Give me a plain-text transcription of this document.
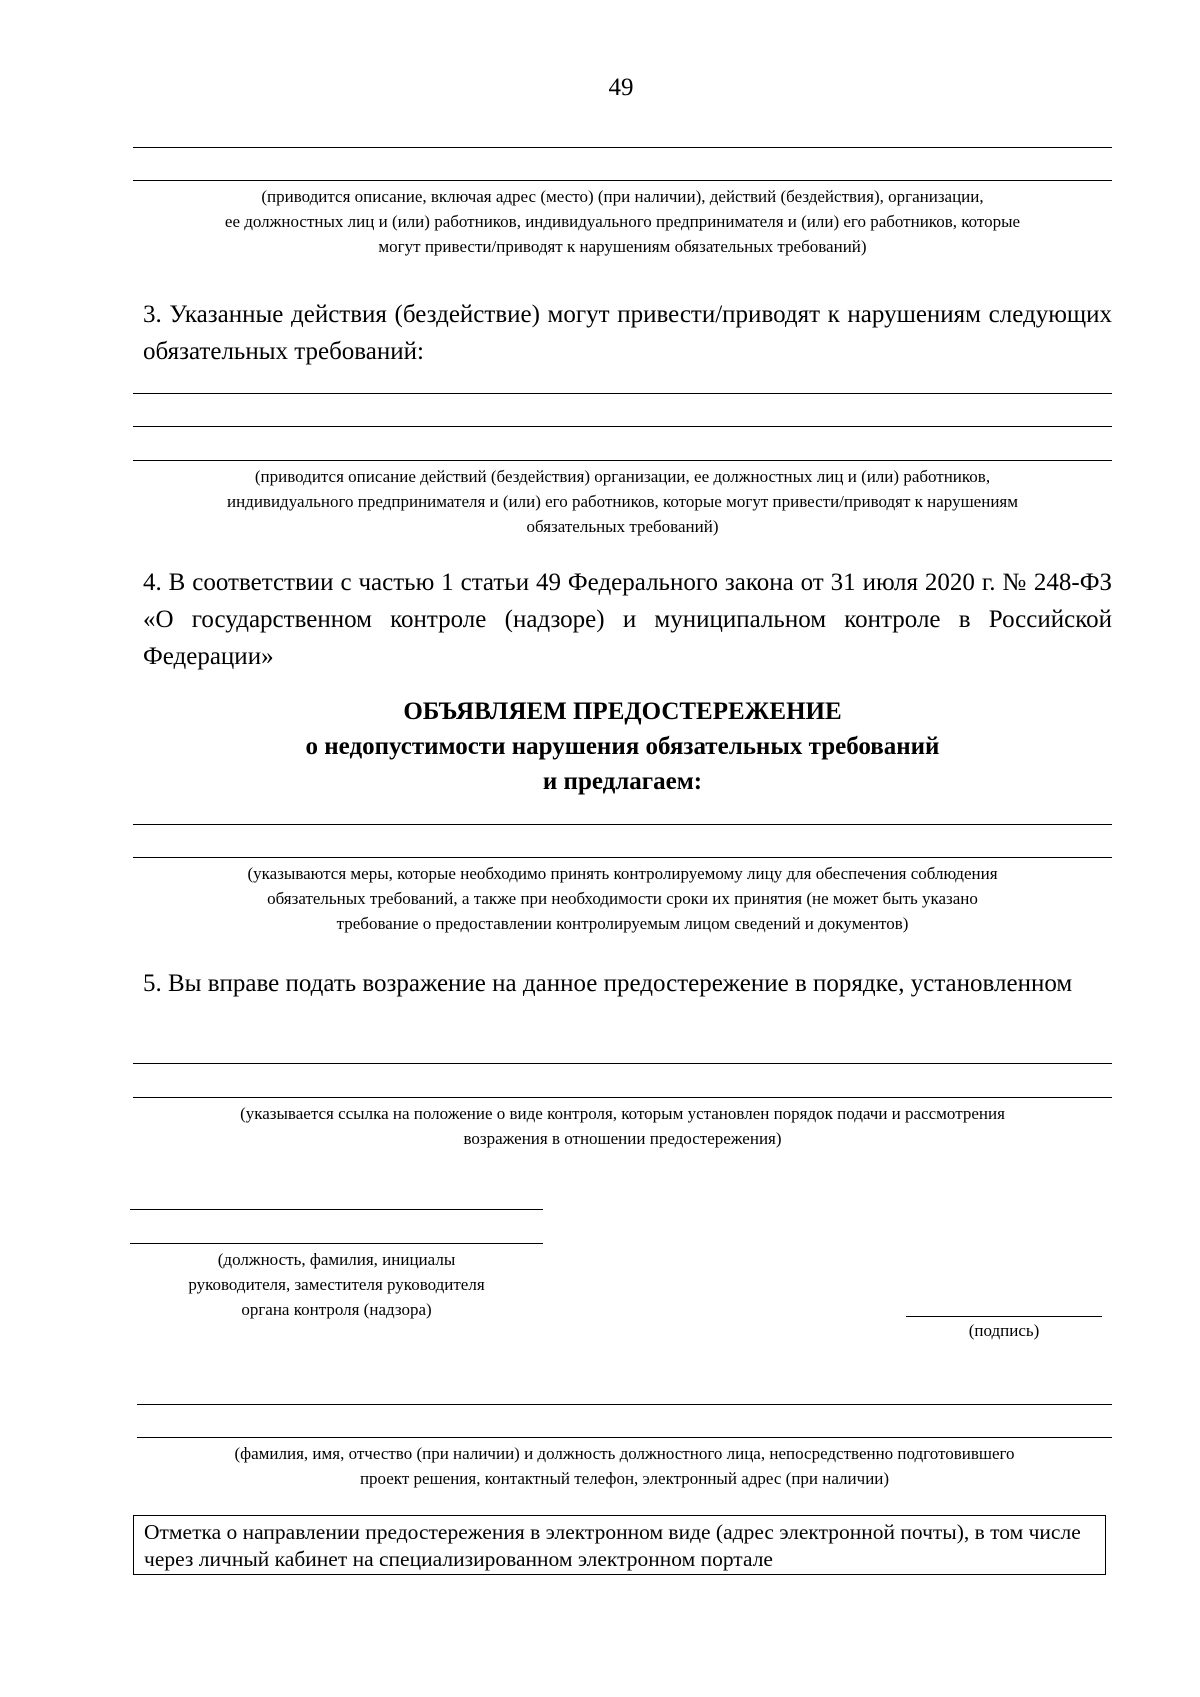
49
(приводится описание, включая адрес (место) (при наличии), действий (бездействия), организации,
ее должностных лиц и (или) работников, индивидуального предпринимателя и (или) его работников, которые
могут привести/приводят к нарушениям обязательных требований)
3. Указанные действия (бездействие) могут привести/приводят к нарушениям следующих обязательных требований:
(приводится описание действий (бездействия) организации, ее должностных лиц и (или) работников,
индивидуального предпринимателя и (или) его работников, которые могут привести/приводят к нарушениям
обязательных требований)
4. В соответствии с частью 1 статьи 49 Федерального закона от 31 июля 2020 г. № 248-ФЗ «О государственном контроле (надзоре) и муниципальном контроле в Российской Федерации»
ОБЪЯВЛЯЕМ ПРЕДОСТЕРЕЖЕНИЕ
о недопустимости нарушения обязательных требований
и предлагаем:
(указываются меры, которые необходимо принять контролируемому лицу для обеспечения соблюдения
обязательных требований, а также при необходимости сроки их принятия (не может быть указано
требование о предоставлении контролируемым лицом сведений и документов)
5. Вы вправе подать возражение на данное предостережение в порядке, установленном
(указывается ссылка на положение о виде контроля, которым установлен порядок подачи и рассмотрения
возражения в отношении предостережения)
(должность, фамилия, инициалы
руководителя, заместителя руководителя
органа контроля (надзора)
(подпись)
(фамилия, имя, отчество (при наличии) и должность должностного лица, непосредственно подготовившего
проект решения, контактный телефон, электронный адрес (при наличии)
Отметка о направлении предостережения в электронном виде (адрес электронной почты), в том числе через личный кабинет на специализированном электронном портале
